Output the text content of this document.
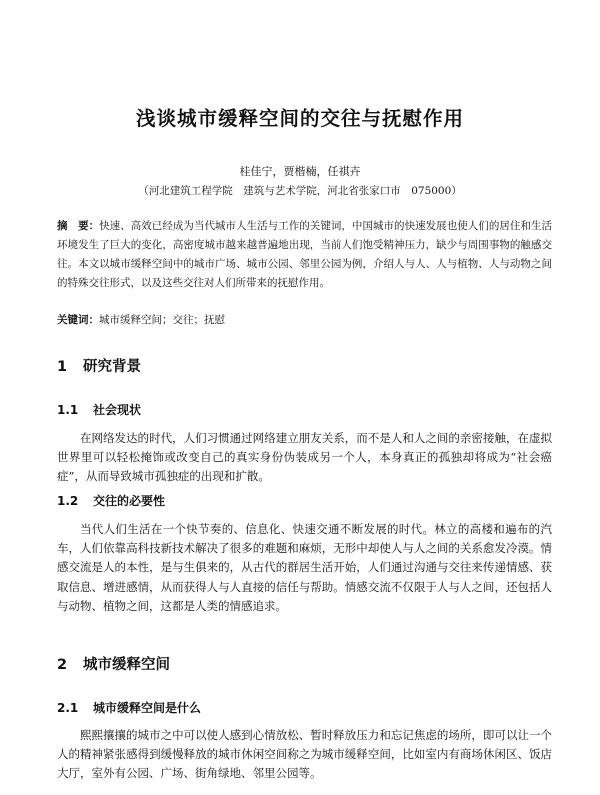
浅谈城市缓释空间的交往与抚慰作用

桂佳宁，贾楷楠，任祺卉

（河北建筑工程学院　建筑与艺术学院，河北省张家口市　075000）

摘　要：快速、高效已经成为当代城市人生活与工作的关键词，中国城市的快速发展也使人们的居住和生活环境发生了巨大的变化，高密度城市越来越普遍地出现，当前人们饱受精神压力，缺少与周围事物的触感交往。本文以城市缓释空间中的城市广场、城市公园、邻里公园为例，介绍人与人、人与植物、人与动物之间的特殊交往形式，以及这些交往对人们所带来的抚慰作用。

关键词：城市缓释空间；交往；抚慰

1 研究背景
1.1 社会现状

在网络发达的时代，人们习惯通过网络建立朋友关系，而不是人和人之间的亲密接触，在虚拟世界里可以轻松掩饰或改变自己的真实身份伪装成另一个人，本身真正的孤独却将成为“社会癌症”，从而导致城市孤独症的出现和扩散。

1.2 交往的必要性

当代人们生活在一个快节奏的、信息化、快速交通不断发展的时代。林立的高楼和遍布的汽车，人们依靠高科技新技术解决了很多的难题和麻烦，无形中却使人与人之间的关系愈发冷漠。情感交流是人的本性，是与生俱来的，从古代的群居生活开始，人们通过沟通与交往来传递情感、获取信息、增进感情，从而获得人与人直接的信任与帮助。情感交流不仅限于人与人之间，还包括人与动物、植物之间，这都是人类的情感追求。

2 城市缓释空间
2.1 城市缓释空间是什么

熙熙攘攘的城市之中可以使人感到心情放松、暂时释放压力和忘记焦虑的场所，即可以让一个人的精神紧张感得到缓慢释放的城市休闲空间称之为城市缓释空间，比如室内有商场休闲区、饭店大厅，室外有公园、广场、街角绿地、邻里公园等。
